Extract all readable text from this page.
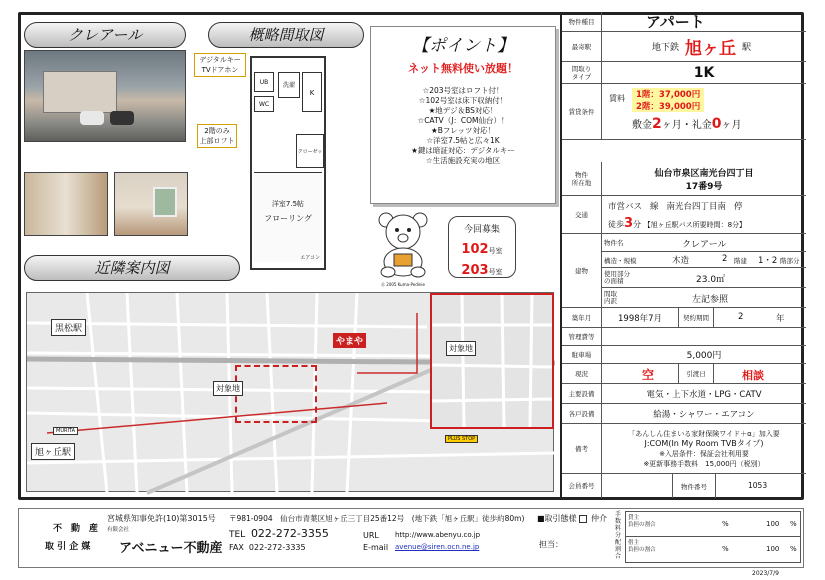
クレアール	概略間取図
近隣案内図
デジタルキー
TVドアホン
2階のみ
上部ロフト
UB
WC
洗濯
K
クローゼッ
洋室7.5帖
フローリング
エアコン
【ポイント】
ネット無料使い放題！
☆203号室はロフト付！
☆102号室は床下収納付！
★地デジ＆BS対応！
☆CATV（J：COM仙台）！
★Bフレッツ対応！
☆洋室7.5帖と広々1K
★鍵は暗証対応：デジタルキー
☆生活施設充実の地区
Ⓡ 2005 Kuma-Pedinie
今回募集
102号室
203号室
黒松駅
旭ヶ丘駅
対象地
やまや
MURITA
PLUS STOP
対象地
物件種目	アパート
最寄駅	地下鉄 旭ヶ丘 駅
間取り
タイプ	1K
賃貸条件
賃料	1階：37,000円
2階：39,000円
敷金2ヶ月・礼金0ヶ月
物件
所在地
仙台市泉区南光台四丁目
17番9号
交通
市営バス 線 南光台四丁目南 停
徒歩3分 【旭ヶ丘駅バス所要時間：8分】
建物
物件名	クレアール
構造・規模	木造	2 階建 1・2 階部分
使用部分
の面積	23.0㎡
間取
内訳	左記参照
築年月	1998年7月	契約期間	2	年
管理費等
駐車場	5,000円
現況	空	引渡日	相談
主要設備	電気・上下水道・LPG・CATV
各戸設備	給湯・シャワー・エアコン
備考
「あんしん住まいる家財保険ワイド＋α」加入要
J:COM(In My Room TVBタイプ)
※入居条件：保証会社利用要
※更新事務手数料　15,000円（税別）
会員番号	物件番号	1053
不　動　産
取 引 企 媒
宮城県知事免許(10)第3015号
有限会社
アベニュー不動産
〒981-0904　仙台市青葉区旭ヶ丘三丁目25番12号　(地下鉄「旭ヶ丘駅」徒歩約80m)
TEL 022-272-3355
FAX 022-272-3335
URL http://www.abenyu.co.jp
E-mail avenue@siren.ocn.ne.jp
■取引態様 仲介
担当：
手数料
分配割合
貸主
負担の割合	%	100 %
借主
負担の割合	%	100 %
2023/7/9
